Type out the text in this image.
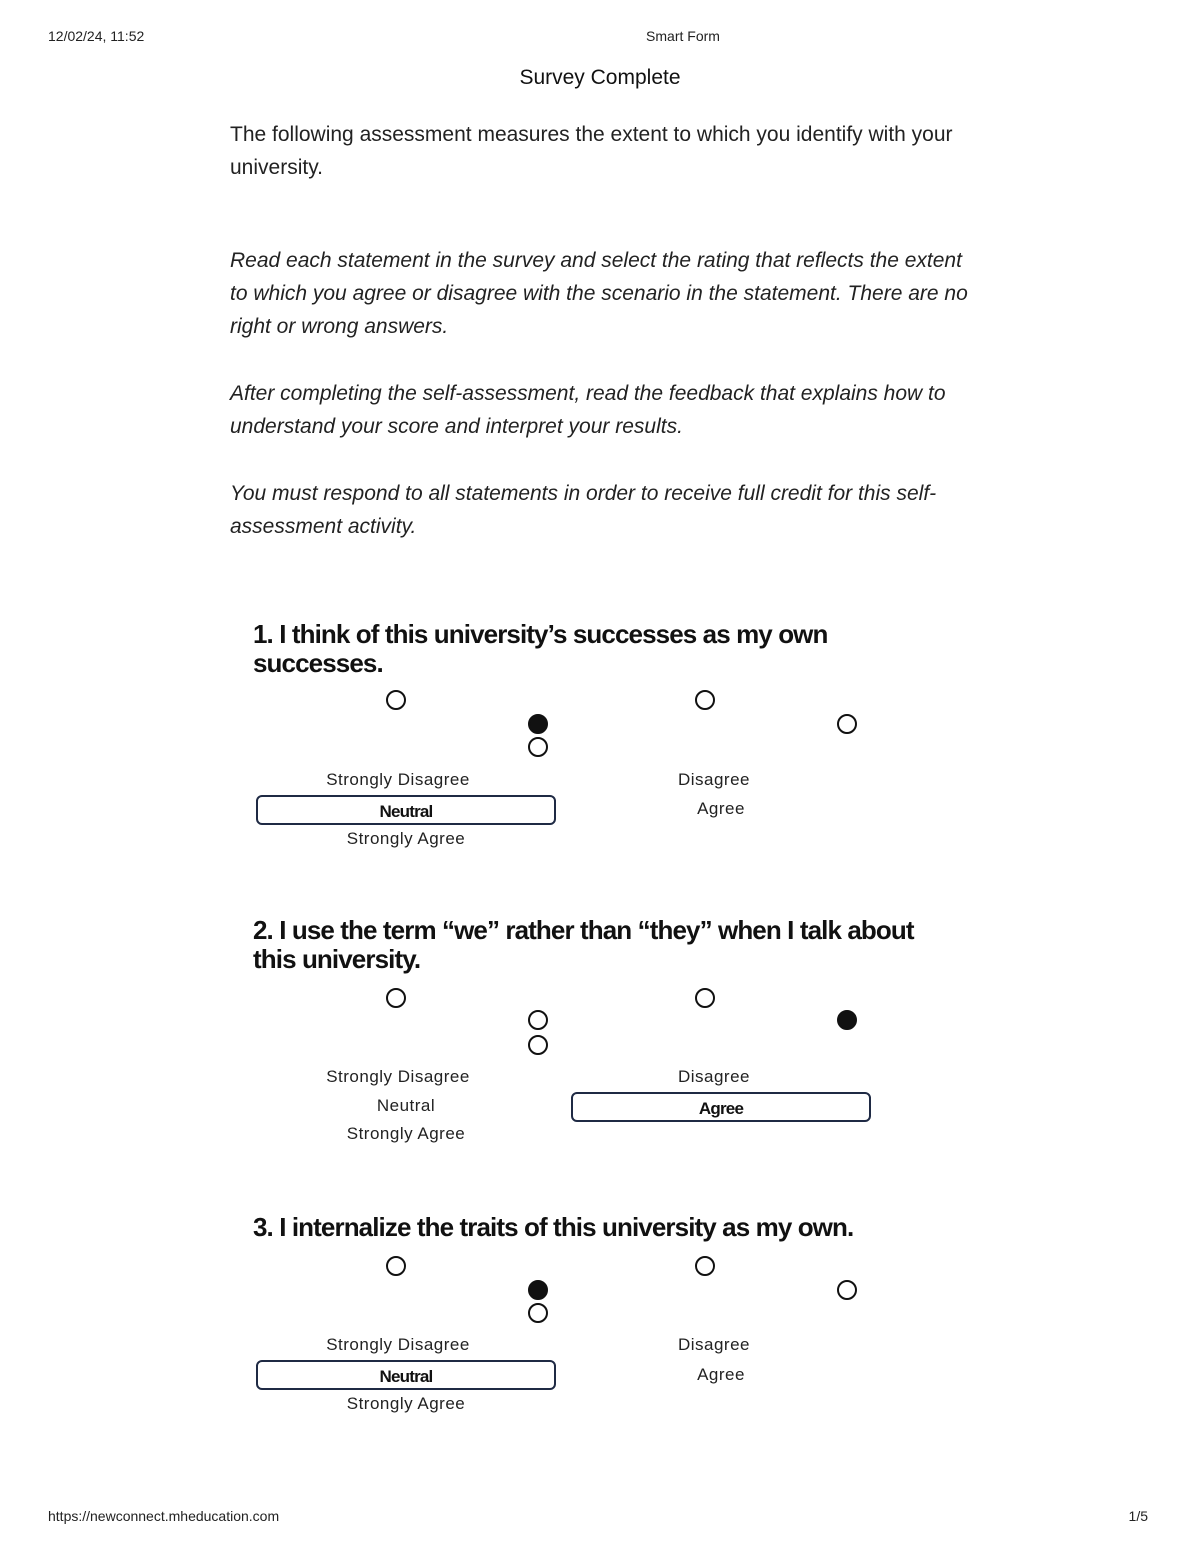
12/02/24, 11:52	Smart Form
Survey Complete

The following assessment measures the extent to which you identify with your university.

Read each statement in the survey and select the rating that reflects the extent to which you agree or disagree with the scenario in the statement. There are no right or wrong answers.

After completing the self-assessment, read the feedback that explains how to understand your score and interpret your results.

You must respond to all statements in order to receive full credit for this self-assessment activity.

1. I think of this university’s successes as my own successes.

Strongly Disagree	Disagree
Neutral	Agree
Strongly Agree

2. I use the term “we” rather than “they” when I talk about this university.

Strongly Disagree	Disagree
Neutral	Agree
Strongly Agree

3. I internalize the traits of this university as my own.

Strongly Disagree	Disagree
Neutral	Agree
Strongly Agree
https://newconnect.mheducation.com	1/5
